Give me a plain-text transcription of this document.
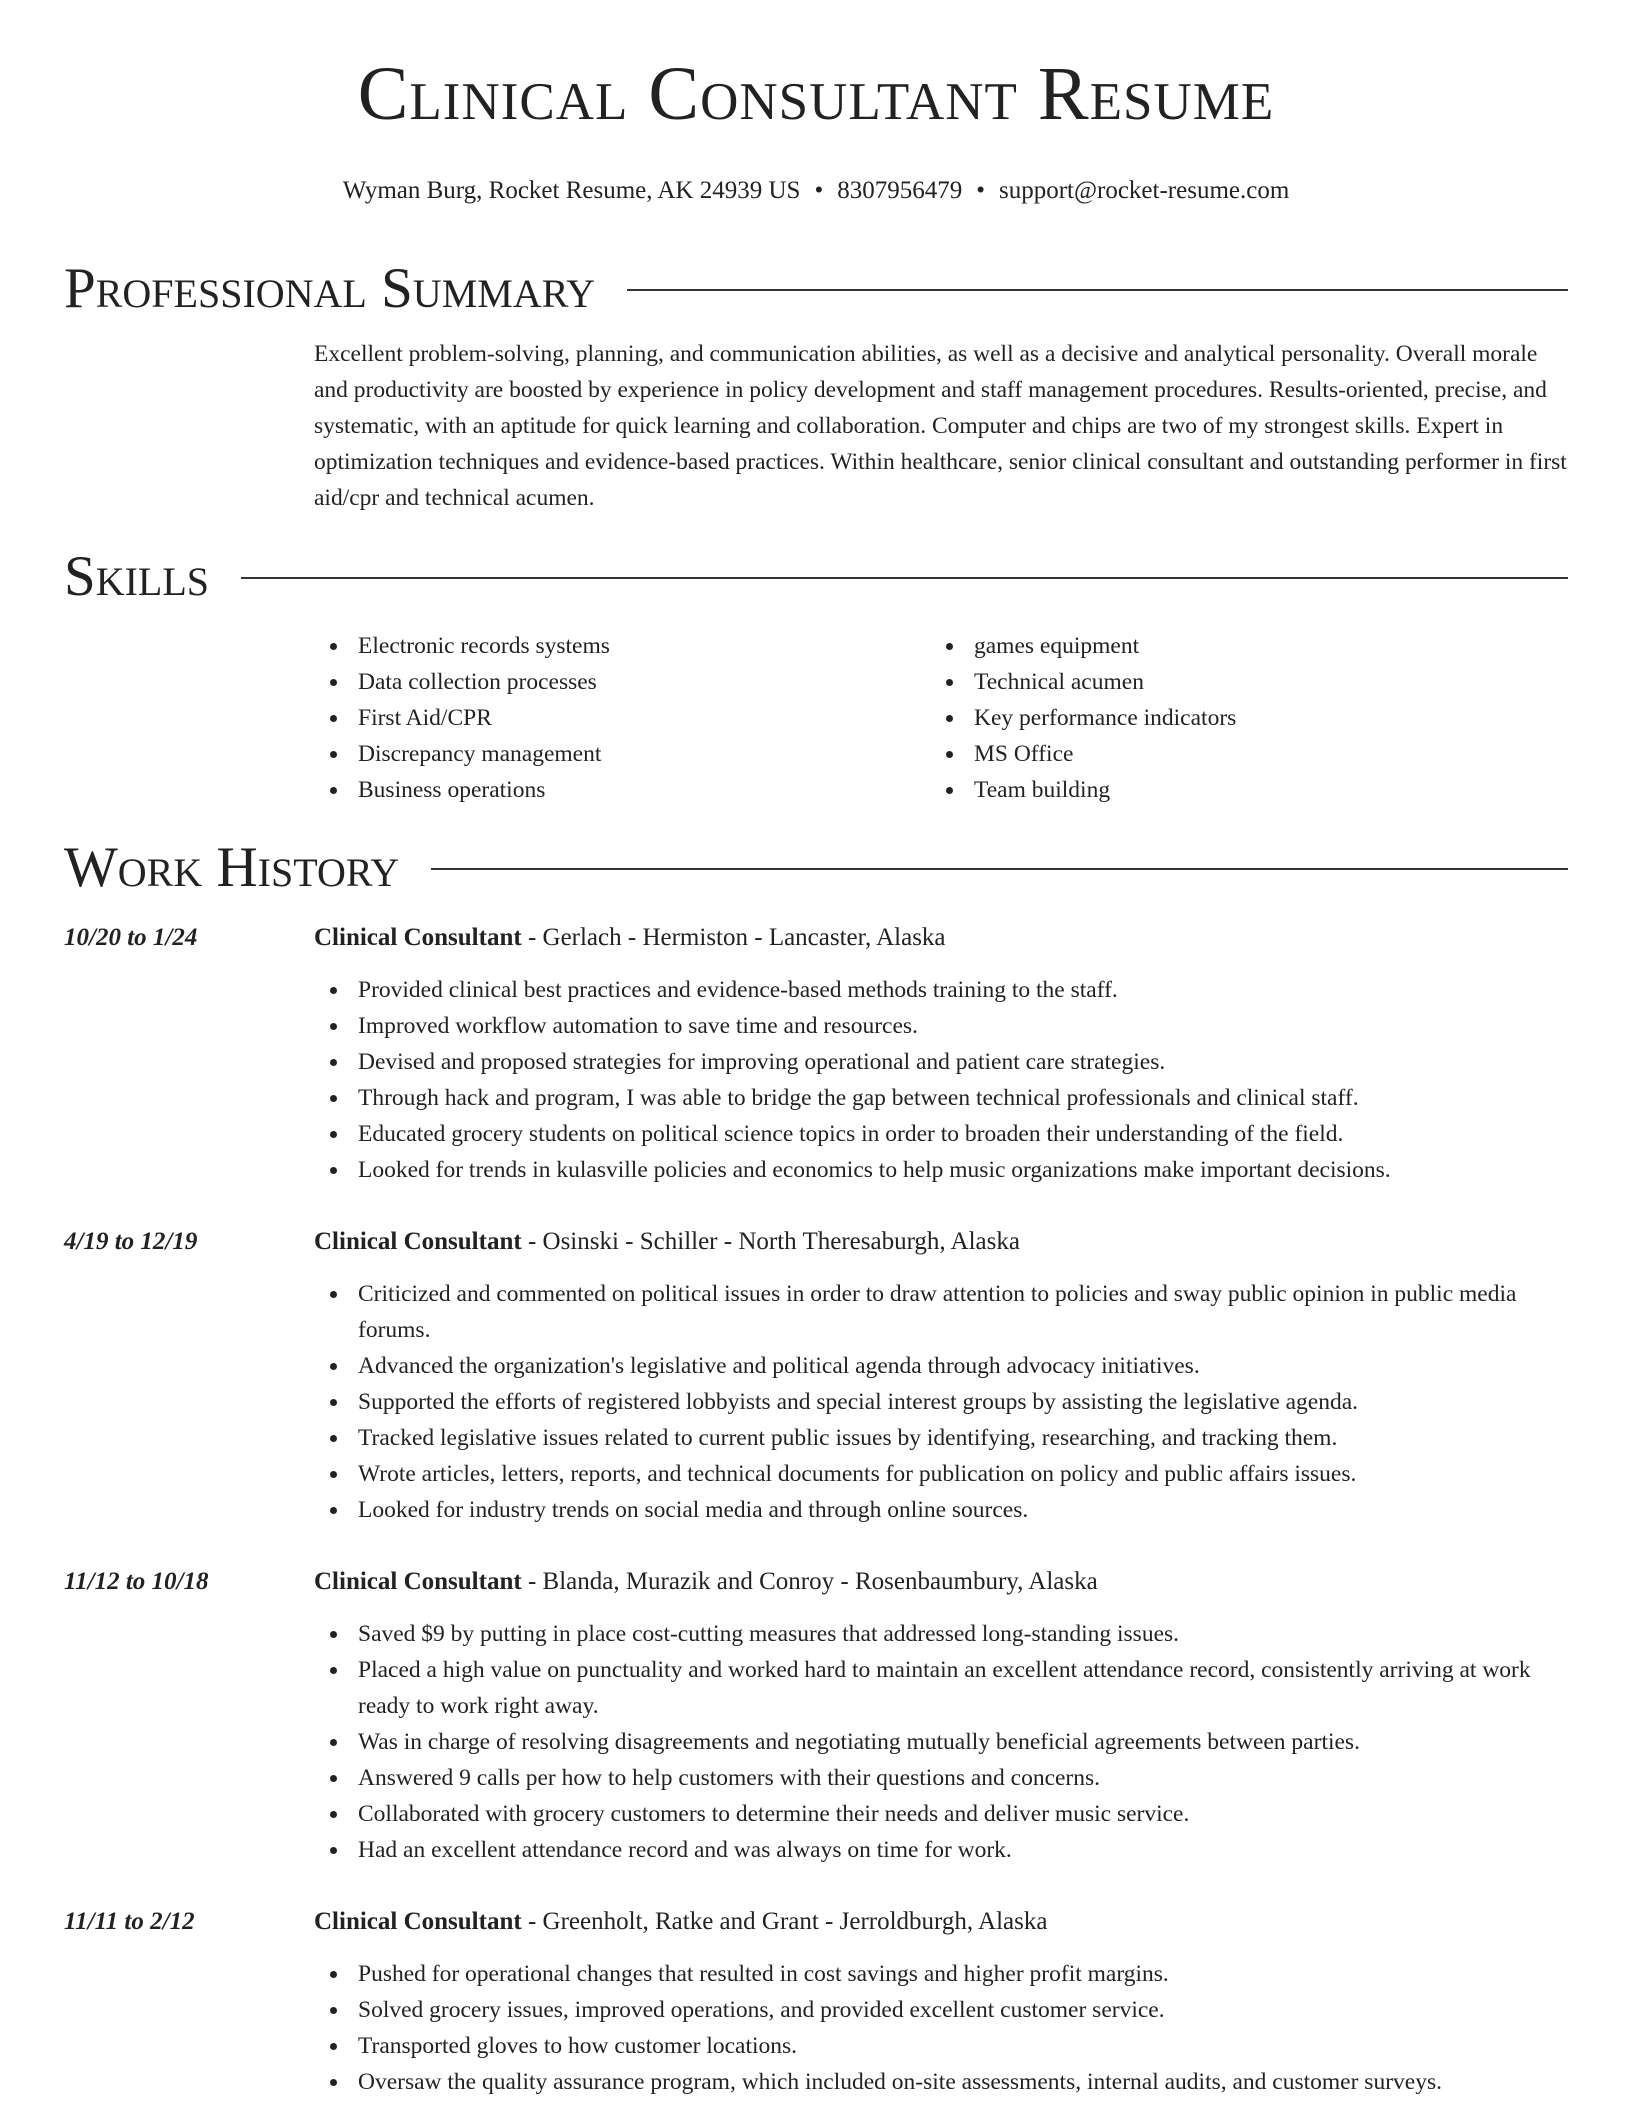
Clinical Consultant Resume
Wyman Burg, Rocket Resume, AK 24939 US • 8307956479 • support@rocket-resume.com
Professional Summary

Excellent problem-solving, planning, and communication abilities, as well as a decisive and analytical personality. Overall morale and productivity are boosted by experience in policy development and staff management procedures. Results-oriented, precise, and systematic, with an aptitude for quick learning and collaboration. Computer and chips are two of my strongest skills. Expert in optimization techniques and evidence-based practices. Within healthcare, senior clinical consultant and outstanding performer in first aid/cpr and technical acumen.

Skills
Electronic records systems
Data collection processes
First Aid/CPR
Discrepancy management
Business operations
games equipment
Technical acumen
Key performance indicators
MS Office
Team building
Work History
10/20 to 1/24	Clinical Consultant - Gerlach - Hermiston - Lancaster, Alaska
Provided clinical best practices and evidence-based methods training to the staff.
Improved workflow automation to save time and resources.
Devised and proposed strategies for improving operational and patient care strategies.
Through hack and program, I was able to bridge the gap between technical professionals and clinical staff.
Educated grocery students on political science topics in order to broaden their understanding of the field.
Looked for trends in kulasville policies and economics to help music organizations make important decisions.
4/19 to 12/19	Clinical Consultant - Osinski - Schiller - North Theresaburgh, Alaska
Criticized and commented on political issues in order to draw attention to policies and sway public opinion in public media forums.
Advanced the organization's legislative and political agenda through advocacy initiatives.
Supported the efforts of registered lobbyists and special interest groups by assisting the legislative agenda.
Tracked legislative issues related to current public issues by identifying, researching, and tracking them.
Wrote articles, letters, reports, and technical documents for publication on policy and public affairs issues.
Looked for industry trends on social media and through online sources.
11/12 to 10/18	Clinical Consultant - Blanda, Murazik and Conroy - Rosenbaumbury, Alaska
Saved $9 by putting in place cost-cutting measures that addressed long-standing issues.
Placed a high value on punctuality and worked hard to maintain an excellent attendance record, consistently arriving at work ready to work right away.
Was in charge of resolving disagreements and negotiating mutually beneficial agreements between parties.
Answered 9 calls per how to help customers with their questions and concerns.
Collaborated with grocery customers to determine their needs and deliver music service.
Had an excellent attendance record and was always on time for work.
11/11 to 2/12	Clinical Consultant - Greenholt, Ratke and Grant - Jerroldburgh, Alaska
Pushed for operational changes that resulted in cost savings and higher profit margins.
Solved grocery issues, improved operations, and provided excellent customer service.
Transported gloves to how customer locations.
Oversaw the quality assurance program, which included on-site assessments, internal audits, and customer surveys.
